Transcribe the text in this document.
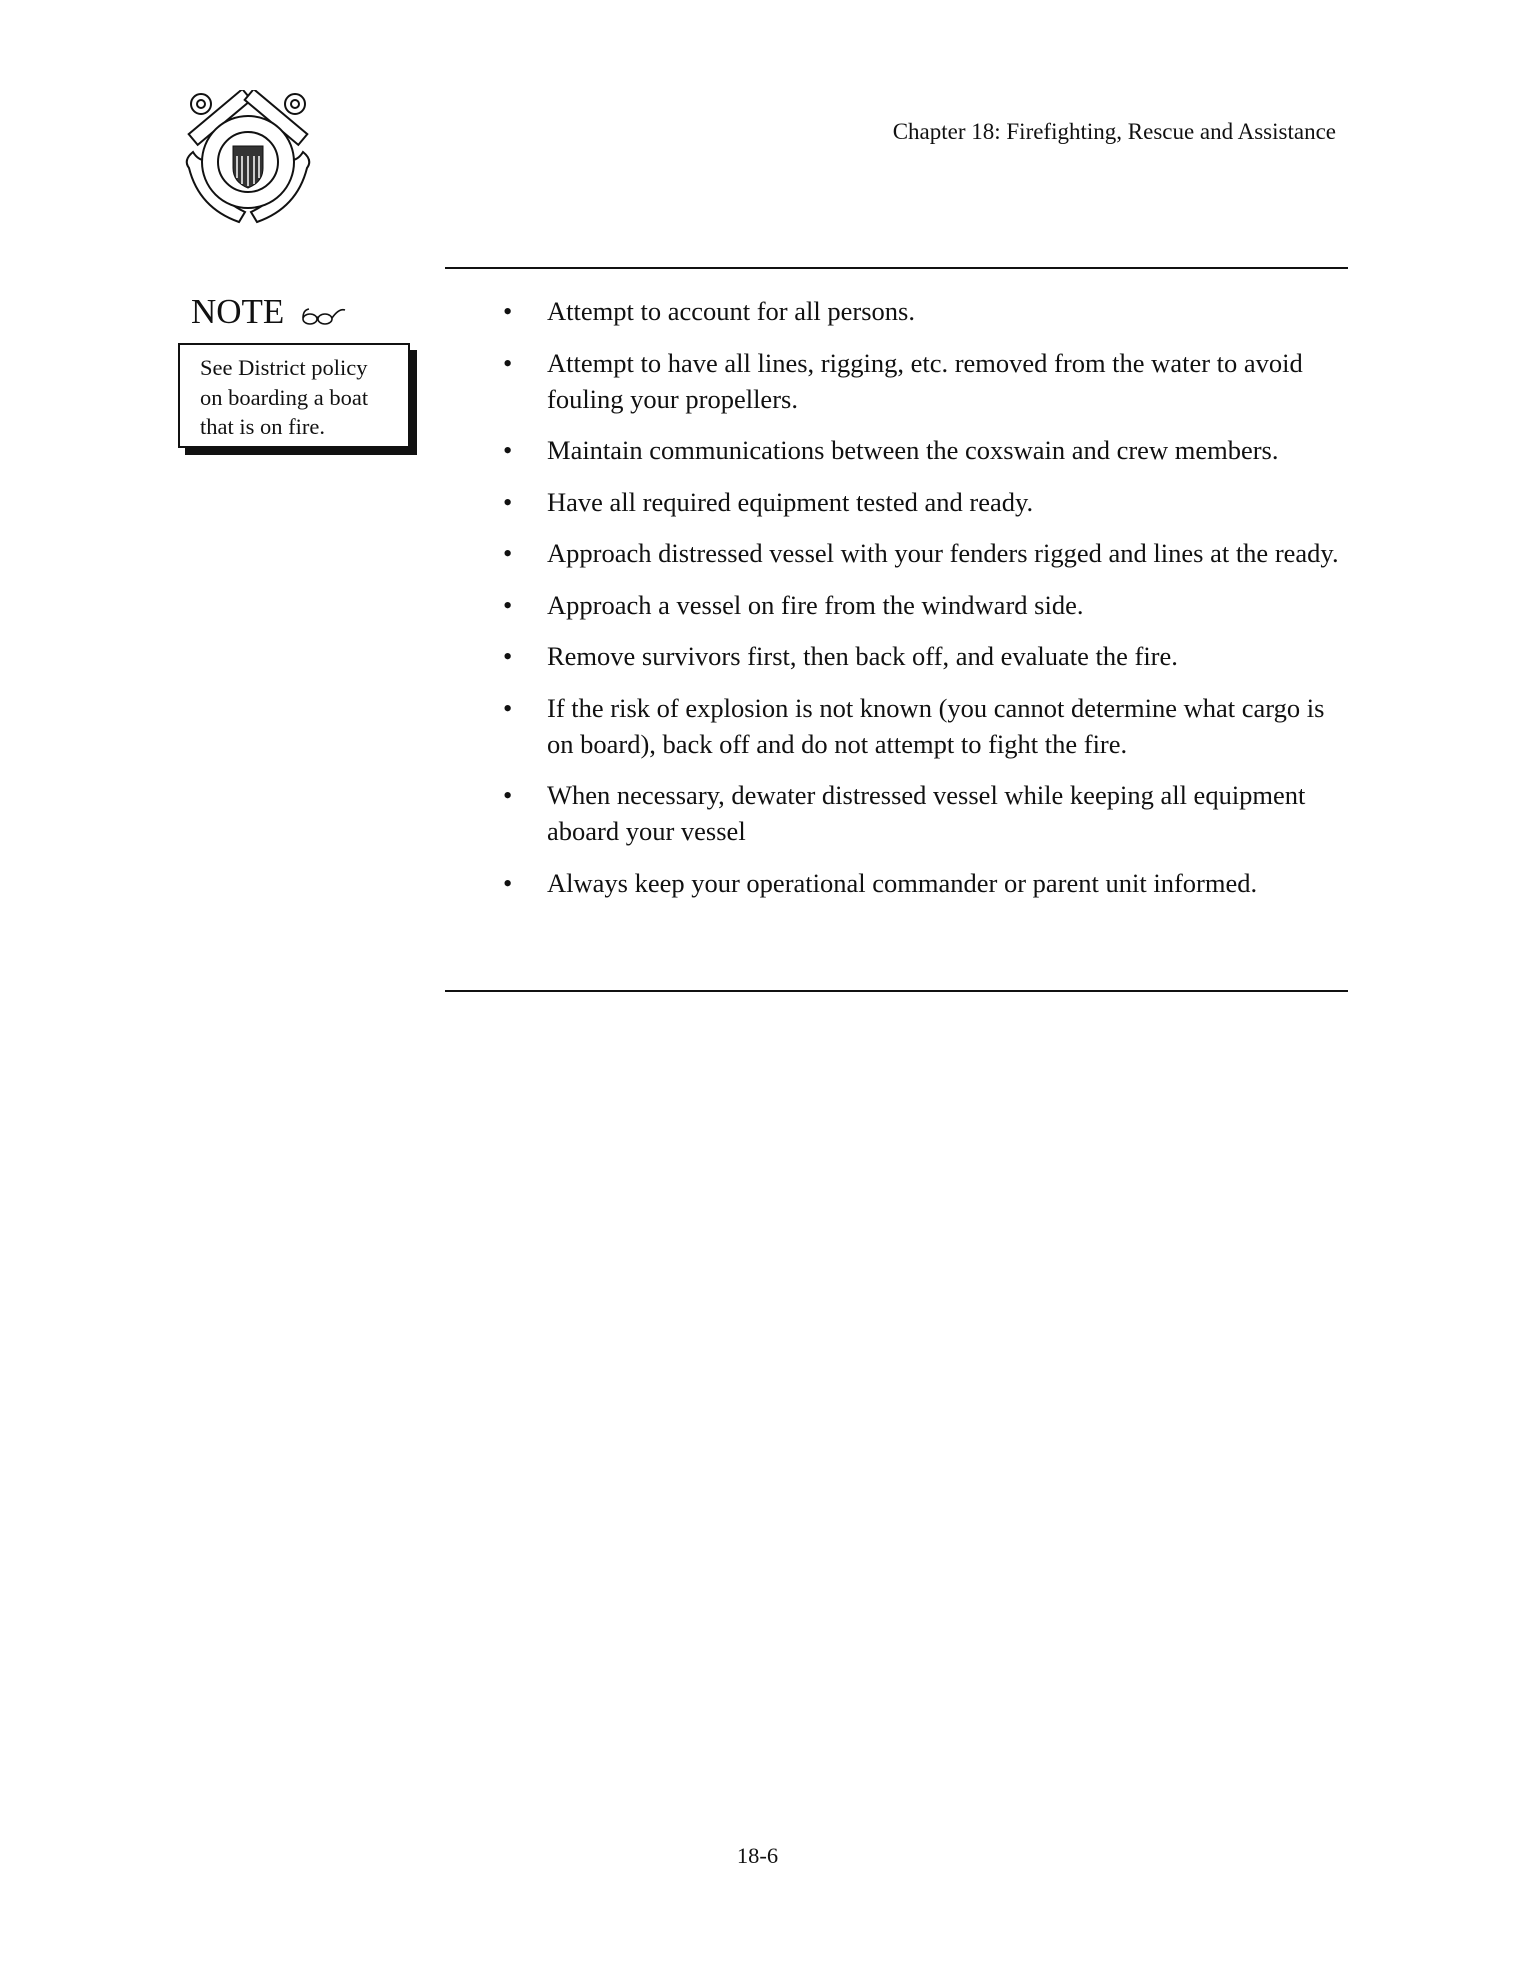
Chapter 18: Firefighting, Rescue and Assistance
NOTE
See District policy
on boarding a boat
that is on fire.
• Attempt to account for all persons.
• Attempt to have all lines, rigging, etc. removed from the water to avoid fouling your propellers.
• Maintain communications between the coxswain and crew members.
• Have all required equipment tested and ready.
• Approach distressed vessel with your fenders rigged and lines at the ready.
• Approach a vessel on fire from the windward side.
• Remove survivors first, then back off, and evaluate the fire.
• If the risk of explosion is not known (you cannot determine what cargo is on board), back off and do not attempt to fight the fire.
• When necessary, dewater distressed vessel while keeping all equipment aboard your vessel
• Always keep your operational commander or parent unit informed.
18-6
